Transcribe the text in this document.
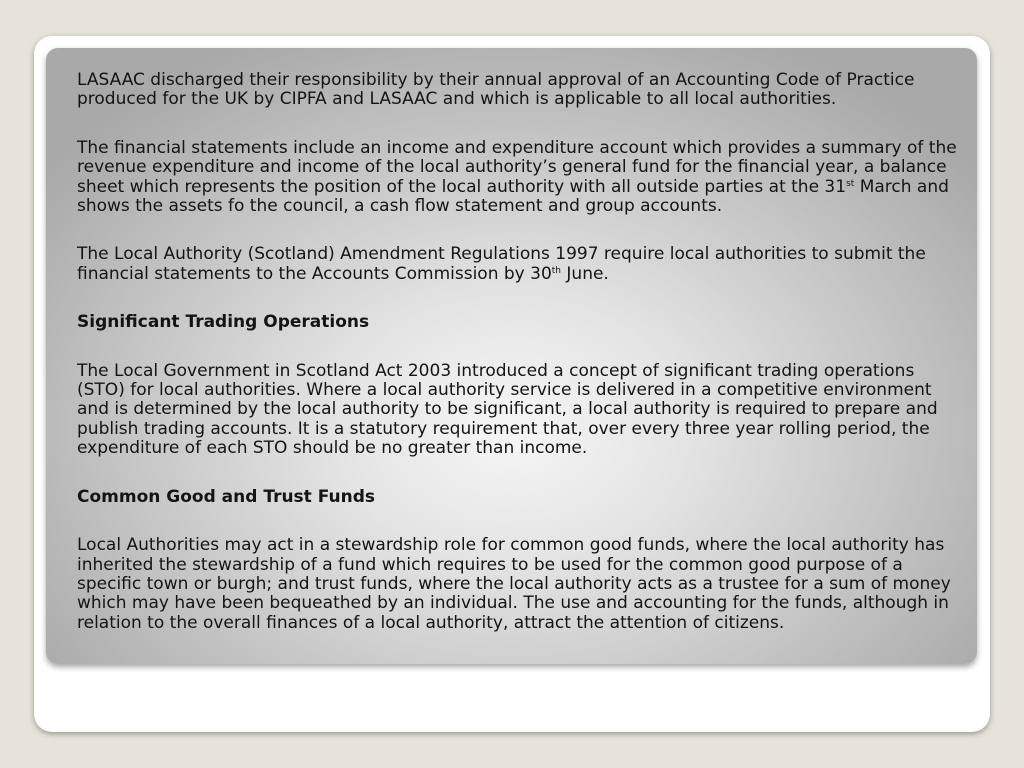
LASAAC discharged their responsibility by their annual approval of an Accounting Code of Practice produced for the UK by CIPFA and LASAAC and which is applicable to all local authorities.

The financial statements include an income and expenditure account which provides a summary of the revenue expenditure and income of the local authority’s general fund for the financial year, a balance sheet which represents the position of the local authority with all outside parties at the 31st March and shows the assets fo the council, a cash flow statement and group accounts.

The Local Authority (Scotland) Amendment Regulations 1997 require local authorities to submit the financial statements to the Accounts Commission by 30th June.

Significant Trading Operations

The Local Government in Scotland Act 2003 introduced a concept of significant trading operations (STO) for local authorities. Where a local authority service is delivered in a competitive environment and is determined by the local authority to be significant, a local authority is required to prepare and publish trading accounts. It is a statutory requirement that, over every three year rolling period, the expenditure of each STO should be no greater than income.

Common Good and Trust Funds

Local Authorities may act in a stewardship role for common good funds, where the local authority has inherited the stewardship of a fund which requires to be used for the common good purpose of a specific town or burgh; and trust funds, where the local authority acts as a trustee for a sum of money which may have been bequeathed by an individual. The use and accounting for the funds, although in relation to the overall finances of a local authority, attract the attention of citizens.
